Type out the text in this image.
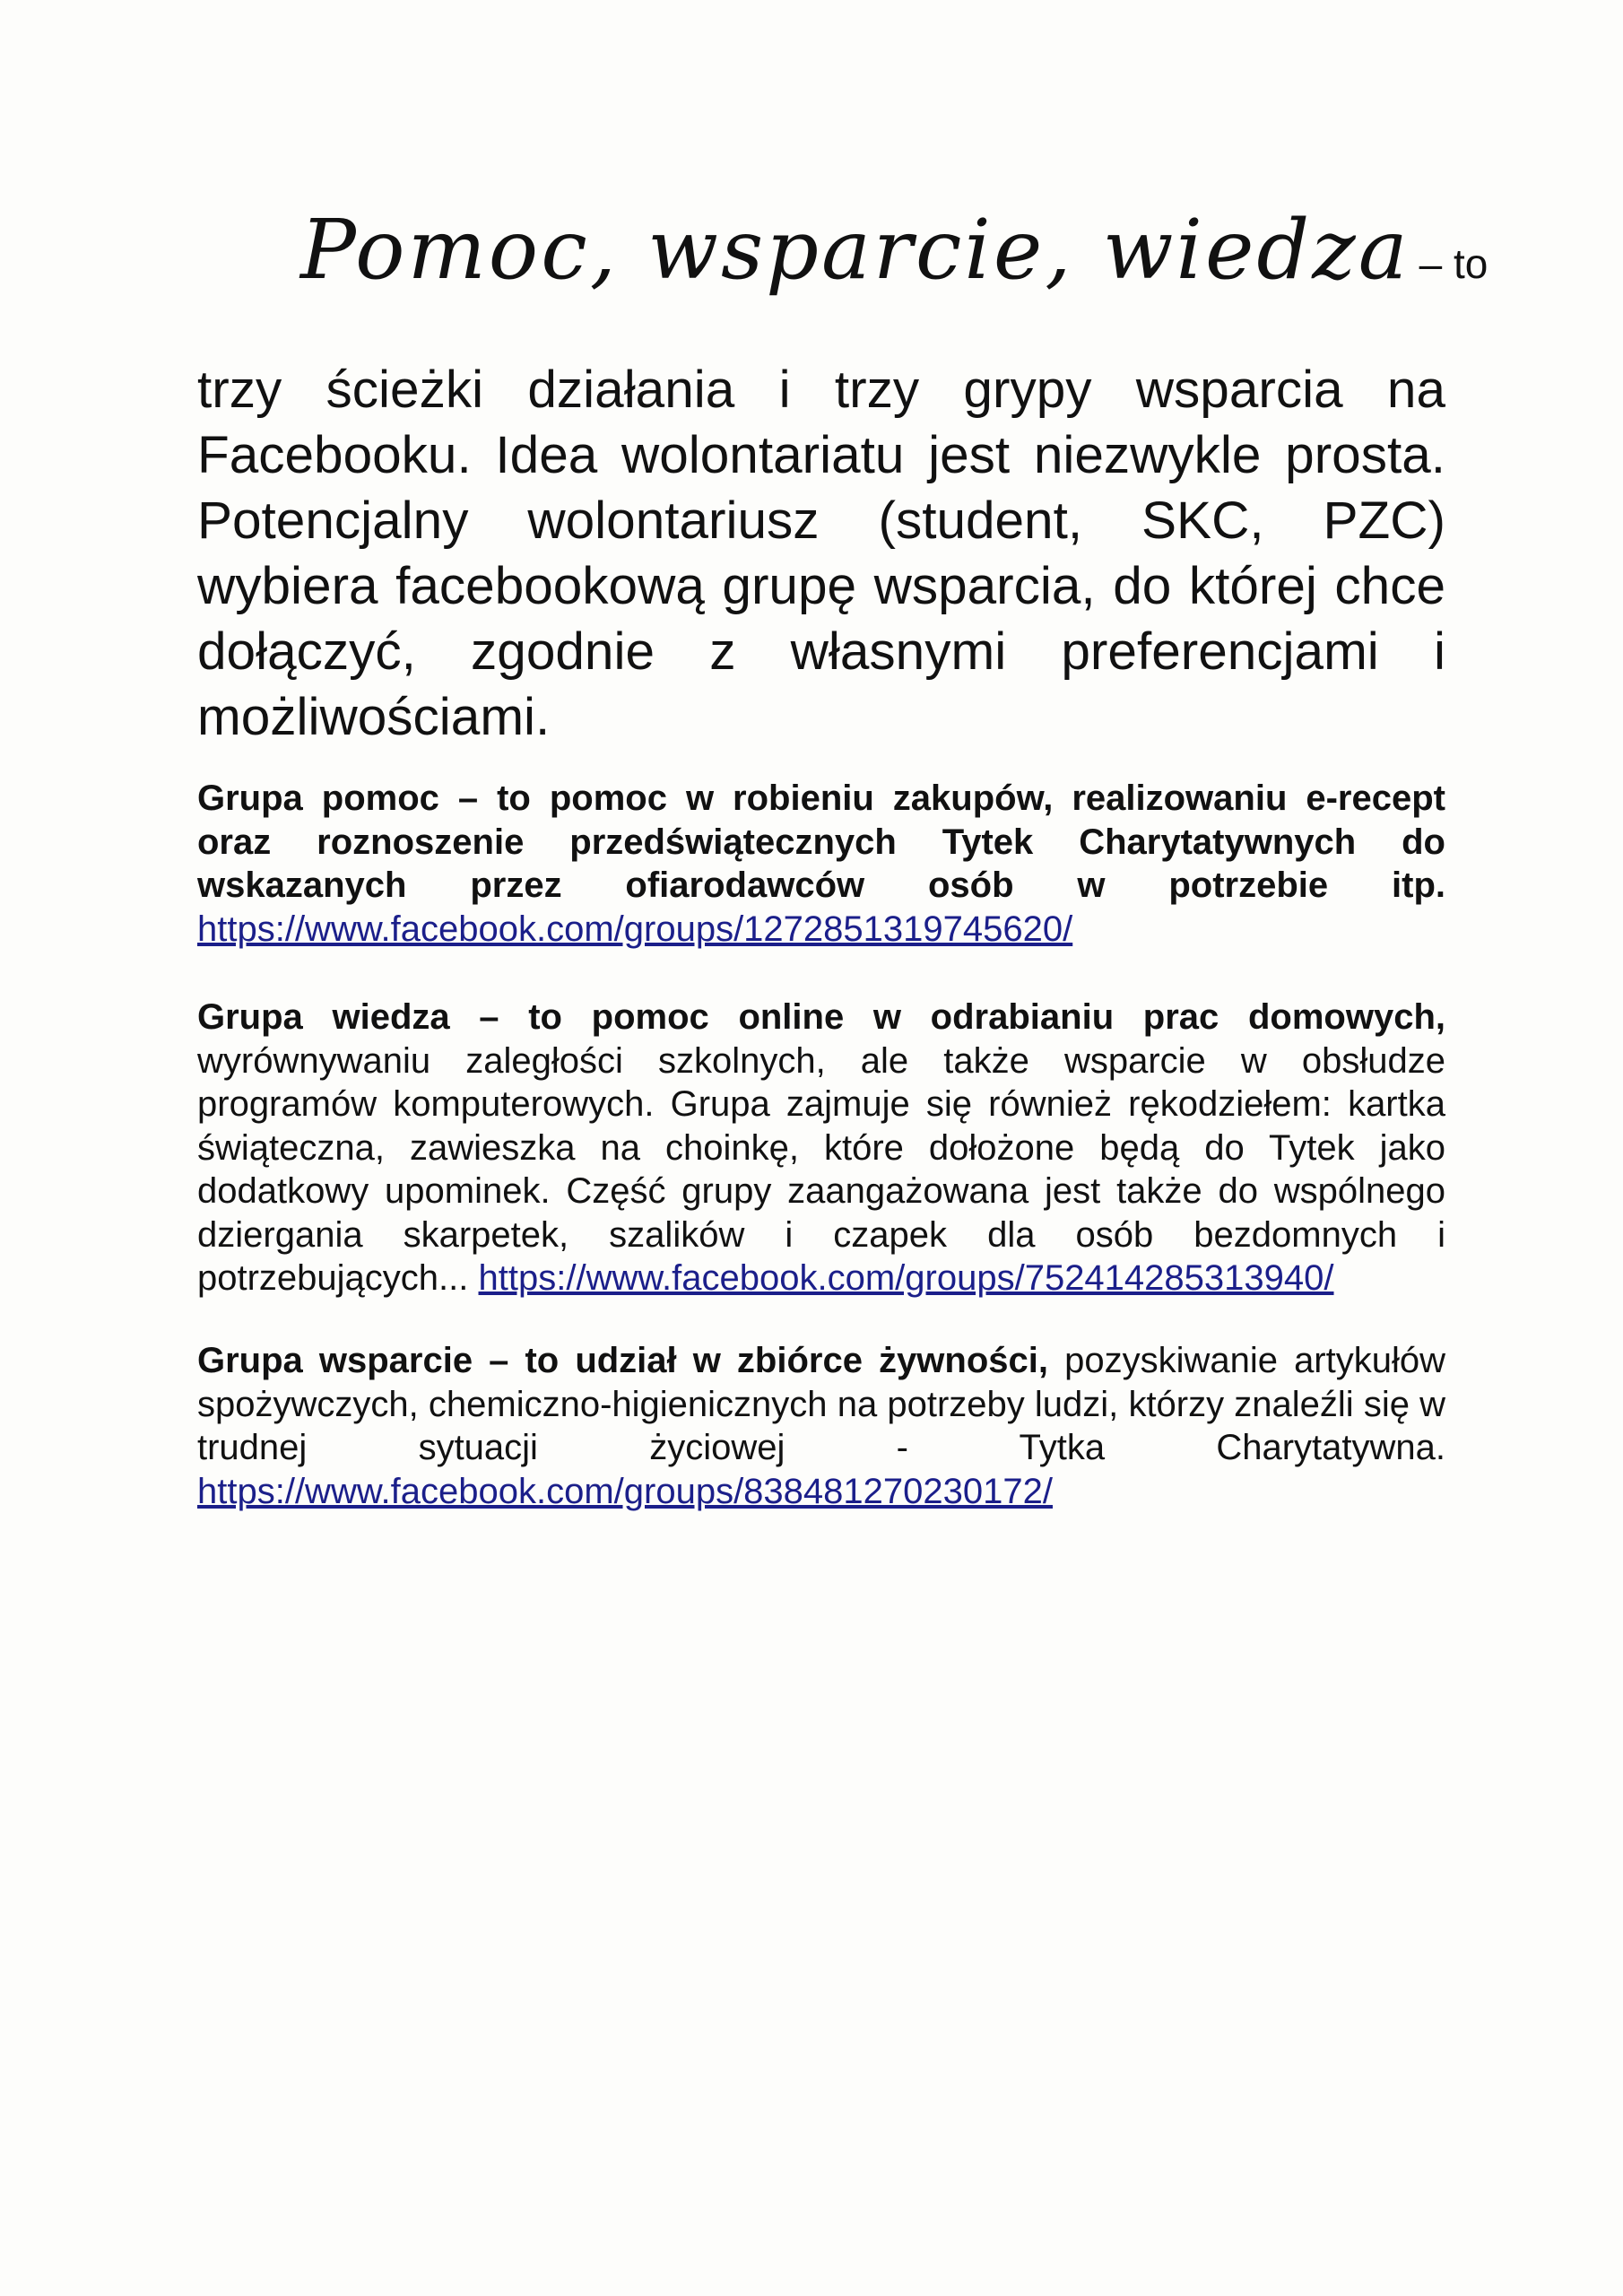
Pomoc, wsparcie, wiedza – to

trzy ścieżki działania i trzy grypy wsparcia na Facebooku. Idea wolontariatu jest niezwykle prosta. Potencjalny wolontariusz (student, SKC, PZC) wybiera facebookową grupę wsparcia, do której chce dołączyć, zgodnie z własnymi preferencjami i możliwościami.

Grupa pomoc – to pomoc w robieniu zakupów, realizowaniu e-recept oraz roznoszenie przedświątecznych Tytek Charytatywnych do wskazanych przez ofiarodawców osób w potrzebie itp. https://www.facebook.com/groups/1272851319745620/

Grupa wiedza – to pomoc online w odrabianiu prac domowych, wyrównywaniu zaległości szkolnych, ale także wsparcie w obsłudze programów komputerowych. Grupa zajmuje się również rękodziełem: kartka świąteczna, zawieszka na choinkę, które dołożone będą do Tytek jako dodatkowy upominek. Część grupy zaangażowana jest także do wspólnego dziergania skarpetek, szalików i czapek dla osób bezdomnych i potrzebujących... https://www.facebook.com/groups/752414285313940/

Grupa wsparcie – to udział w zbiórce żywności, pozyskiwanie artykułów spożywczych, chemiczno-higienicznych na potrzeby ludzi, którzy znaleźli się w trudnej sytuacji życiowej - Tytka Charytatywna. https://www.facebook.com/groups/838481270230172/
